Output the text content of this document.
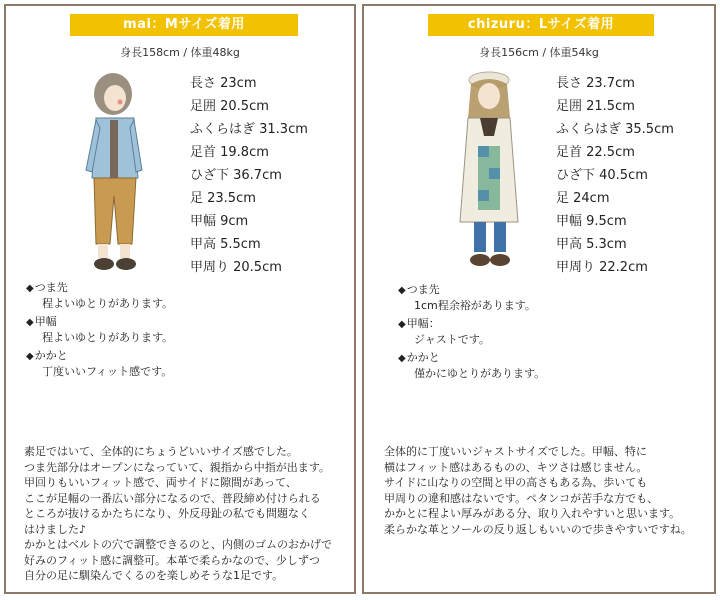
mai：Mサイズ着用
身長158cm / 体重48kg
長さ 23cm
足囲 20.5cm
ふくらはぎ 31.3cm
足首 19.8cm
ひざ下 36.7cm
足 23.5cm
甲幅 9cm
甲高 5.5cm
甲周り 20.5cm
◆つま先
程よいゆとりがあります。
◆甲幅
程よいゆとりがあります。
◆かかと
丁度いいフィット感です。

素足ではいて、全体的にちょうどいいサイズ感でした。
つま先部分はオープンになっていて、親指から中指が出ます。
甲回りもいいフィット感で、両サイドに隙間があって、
ここが足幅の一番広い部分になるので、普段締め付けられる
ところが抜けるかたちになり、外反母趾の私でも問題なく
はけました♪
かかとはベルトの穴で調整できるのと、内側のゴムのおかげで
好みのフィット感に調整可。本革で柔らかなので、少しずつ
自分の足に馴染んでくるのを楽しめそうな1足です。

chizuru：Lサイズ着用
身長156cm / 体重54kg
長さ 23.7cm
足囲 21.5cm
ふくらはぎ 35.5cm
足首 22.5cm
ひざ下 40.5cm
足 24cm
甲幅 9.5cm
甲高 5.3cm
甲周り 22.2cm
◆つま先
1cm程余裕があります。
◆甲幅：
ジャストです。
◆かかと
僅かにゆとりがあります。

全体的に丁度いいジャストサイズでした。甲幅、特に
横はフィット感はあるものの、キツさは感じません。
サイドに山なりの空間と甲の高さもある為、歩いても
甲周りの違和感はないです。ペタンコが苦手な方でも、
かかとに程よい厚みがある分、取り入れやすいと思います。
柔らかな革とソールの反り返しもいいので歩きやすいですね。
